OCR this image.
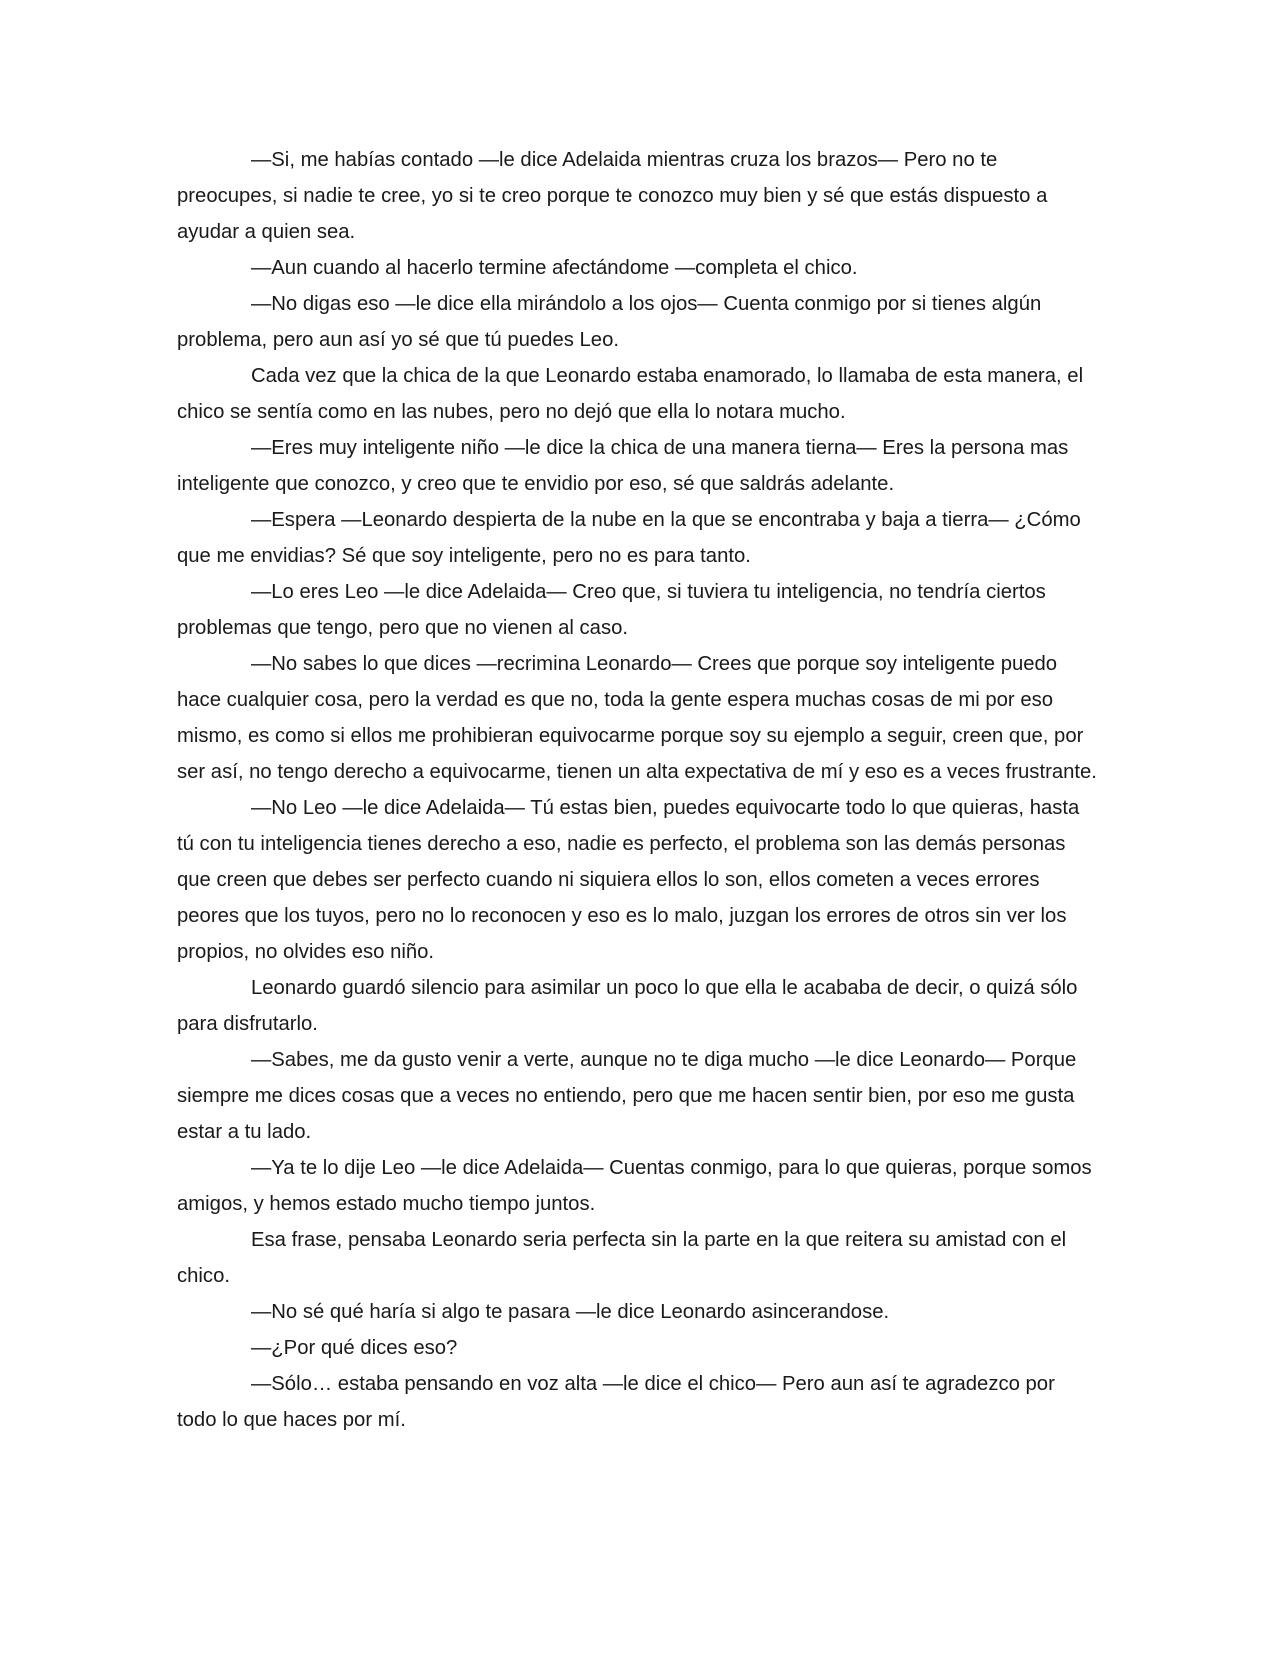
—Si, me habías contado —le dice Adelaida mientras cruza los brazos— Pero no te preocupes, si nadie te cree, yo si te creo porque te conozco muy bien y sé que estás dispuesto a ayudar a quien sea.

—Aun cuando al hacerlo termine afectándome —completa el chico.

—No digas eso —le dice ella mirándolo a los ojos— Cuenta conmigo por si tienes algún problema, pero aun así yo sé que tú puedes Leo.

Cada vez que la chica de la que Leonardo estaba enamorado, lo llamaba de esta manera, el chico se sentía como en las nubes, pero no dejó que ella lo notara mucho.

—Eres muy inteligente niño —le dice la chica de una manera tierna— Eres la persona mas inteligente que conozco, y creo que te envidio por eso, sé que saldrás adelante.

—Espera —Leonardo despierta de la nube en la que se encontraba y baja a tierra— ¿Cómo que me envidias? Sé que soy inteligente, pero no es para tanto.

—Lo eres Leo —le dice Adelaida— Creo que, si tuviera tu inteligencia, no tendría ciertos problemas que tengo, pero que no vienen al caso.

—No sabes lo que dices —recrimina Leonardo— Crees que porque soy inteligente puedo hace cualquier cosa, pero la verdad es que no, toda la gente espera muchas cosas de mi por eso mismo, es como si ellos me prohibieran equivocarme porque soy su ejemplo a seguir, creen que, por ser así, no tengo derecho a equivocarme, tienen un alta expectativa de mí y eso es a veces frustrante.

—No Leo —le dice Adelaida— Tú estas bien, puedes equivocarte todo lo que quieras, hasta tú con tu inteligencia tienes derecho a eso, nadie es perfecto, el problema son las demás personas que creen que debes ser perfecto cuando ni siquiera ellos lo son, ellos cometen a veces errores peores que los tuyos, pero no lo reconocen y eso es lo malo, juzgan los errores de otros sin ver los propios, no olvides eso niño.

Leonardo guardó silencio para asimilar un poco lo que ella le acababa de decir, o quizá sólo para disfrutarlo.

—Sabes, me da gusto venir a verte, aunque no te diga mucho —le dice Leonardo— Porque siempre me dices cosas que a veces no entiendo, pero que me hacen sentir bien, por eso me gusta estar a tu lado.

—Ya te lo dije Leo —le dice Adelaida— Cuentas conmigo, para lo que quieras, porque somos amigos, y hemos estado mucho tiempo juntos.

Esa frase, pensaba Leonardo seria perfecta sin la parte en la que reitera su amistad con el chico.

—No sé qué haría si algo te pasara —le dice Leonardo asincerandose.

—¿Por qué dices eso?

—Sólo… estaba pensando en voz alta —le dice el chico— Pero aun así te agradezco por todo lo que haces por mí.
